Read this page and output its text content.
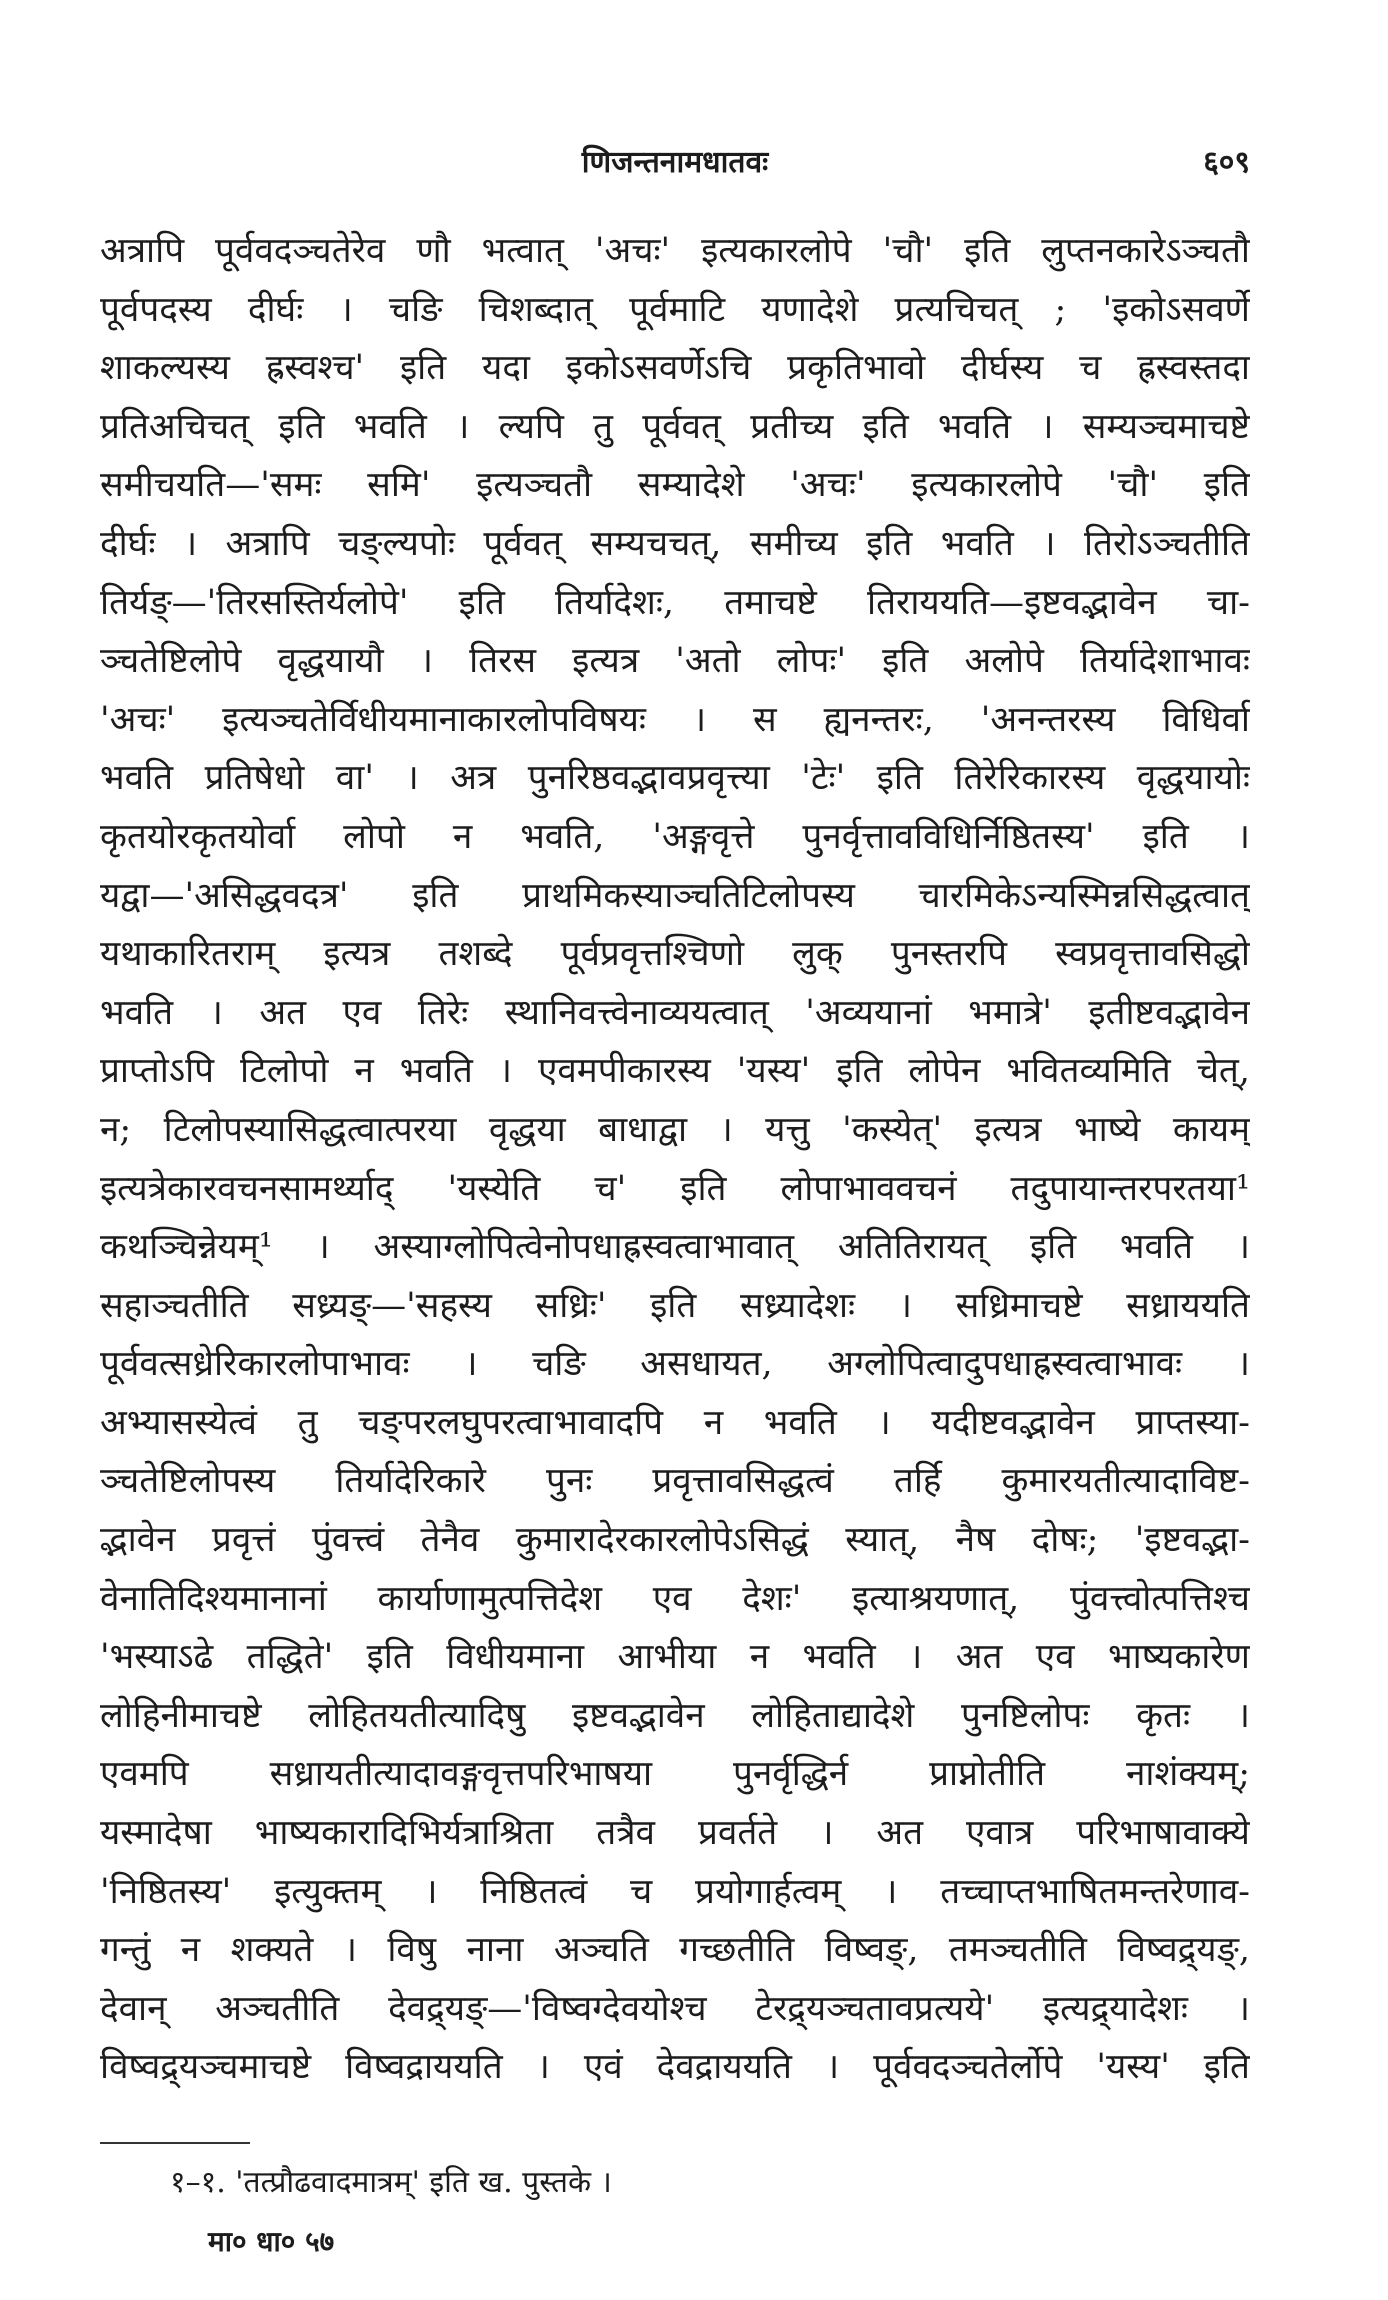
णिजन्तनामधातवः	६०९
अत्रापि पूर्ववदञ्चतेरेव णौ भत्वात् 'अचः' इत्यकारलोपे 'चौ' इति लुप्तनकारेऽञ्चतौ
पूर्वपदस्य दीर्घः । चङि चिशब्दात् पूर्वमाटि यणादेशे प्रत्यचिचत् ; 'इकोऽसवर्णे
शाकल्यस्य ह्रस्वश्च' इति यदा इकोऽसवर्णेऽचि प्रकृतिभावो दीर्घस्य च ह्रस्वस्तदा
प्रतिअचिचत् इति भवति । ल्यपि तु पूर्ववत् प्रतीच्य इति भवति । सम्यञ्चमाचष्टे
समीचयति—'समः समि' इत्यञ्चतौ सम्यादेशे 'अचः' इत्यकारलोपे 'चौ' इति
दीर्घः । अत्रापि चङ्ल्यपोः पूर्ववत् सम्यचचत्, समीच्य इति भवति । तिरोऽञ्चतीति
तिर्यङ्—'तिरसस्तिर्यलोपे' इति तिर्यादेशः, तमाचष्टे तिराययति—इष्टवद्भावेन चा-
ञ्चतेष्टिलोपे वृद्धयायौ । तिरस इत्यत्र 'अतो लोपः' इति अलोपे तिर्यादेशाभावः
'अचः' इत्यञ्चतेर्विधीयमानाकारलोपविषयः । स ह्यनन्तरः, 'अनन्तरस्य विधिर्वा
भवति प्रतिषेधो वा' । अत्र पुनरिष्ठवद्भावप्रवृत्त्या 'टेः' इति तिरेरिकारस्य वृद्धयायोः
कृतयोरकृतयोर्वा लोपो न भवति, 'अङ्गवृत्ते पुनर्वृत्तावविधिर्निष्ठितस्य' इति ।
यद्वा—'असिद्धवदत्र' इति प्राथमिकस्याञ्चतिटिलोपस्य चारमिकेऽन्यस्मिन्नसिद्धत्वात्
यथाकारितराम् इत्यत्र तशब्दे पूर्वप्रवृत्तश्चिणो लुक् पुनस्तरपि स्वप्रवृत्तावसिद्धो
भवति । अत एव तिरेः स्थानिवत्त्वेनाव्ययत्वात् 'अव्ययानां भमात्रे' इतीष्टवद्भावेन
प्राप्तोऽपि टिलोपो न भवति । एवमपीकारस्य 'यस्य' इति लोपेन भवितव्यमिति चेत्,
न; टिलोपस्यासिद्धत्वात्परया वृद्धया बाधाद्वा । यत्तु 'कस्येत्' इत्यत्र भाष्ये कायम्
इत्यत्रेकारवचनसामर्थ्याद् 'यस्येति च' इति लोपाभाववचनं तदुपायान्तरपरतया¹
कथञ्चिन्नेयम्¹ । अस्याग्लोपित्वेनोपधाह्रस्वत्वाभावात् अतितिरायत् इति भवति ।
सहाञ्चतीति सध्र्यङ्—'सहस्य सध्रिः' इति सध्र्यादेशः । सध्रिमाचष्टे सध्राययति
पूर्ववत्सध्रेरिकारलोपाभावः । चङि असधायत, अग्लोपित्वादुपधाह्रस्वत्वाभावः ।
अभ्यासस्येत्वं तु चङ्परलघुपरत्वाभावादपि न भवति । यदीष्टवद्भावेन प्राप्तस्या-
ञ्चतेष्टिलोपस्य तिर्यादेरिकारे पुनः प्रवृत्तावसिद्धत्वं तर्हि कुमारयतीत्यादाविष्ट-
द्भावेन प्रवृत्तं पुंवत्त्वं तेनैव कुमारादेरकारलोपेऽसिद्धं स्यात्, नैष दोषः; 'इष्टवद्भा-
वेनातिदिश्यमानानां कार्याणामुत्पत्तिदेश एव देशः' इत्याश्रयणात्, पुंवत्त्वोत्पत्तिश्च
'भस्याऽढे तद्धिते' इति विधीयमाना आभीया न भवति । अत एव भाष्यकारेण
लोहिनीमाचष्टे लोहितयतीत्यादिषु इष्टवद्भावेन लोहिताद्यादेशे पुनष्टिलोपः कृतः ।
एवमपि सध्रायतीत्यादावङ्गवृत्तपरिभाषया पुनर्वृद्धिर्न प्राप्नोतीति नाशंक्यम्;
यस्मादेषा भाष्यकारादिभिर्यत्राश्रिता तत्रैव प्रवर्तते । अत एवात्र परिभाषावाक्ये
'निष्ठितस्य' इत्युक्तम् । निष्ठितत्वं च प्रयोगार्हत्वम् । तच्चाप्तभाषितमन्तरेणाव-
गन्तुं न शक्यते । विषु नाना अञ्चति गच्छतीति विष्वङ्, तमञ्चतीति विष्वद्र्यङ्,
देवान् अञ्चतीति देवद्र्यङ्—'विष्वग्देवयोश्च टेरद्र्यञ्चतावप्रत्यये' इत्यद्र्यादेशः ।
विष्वद्र्यञ्चमाचष्टे विष्वद्राययति । एवं देवद्राययति । पूर्ववदञ्चतेर्लोपे 'यस्य' इति
१–१. 'तत्प्रौढवादमात्रम्' इति ख. पुस्तके ।
मा० धा० ५७
